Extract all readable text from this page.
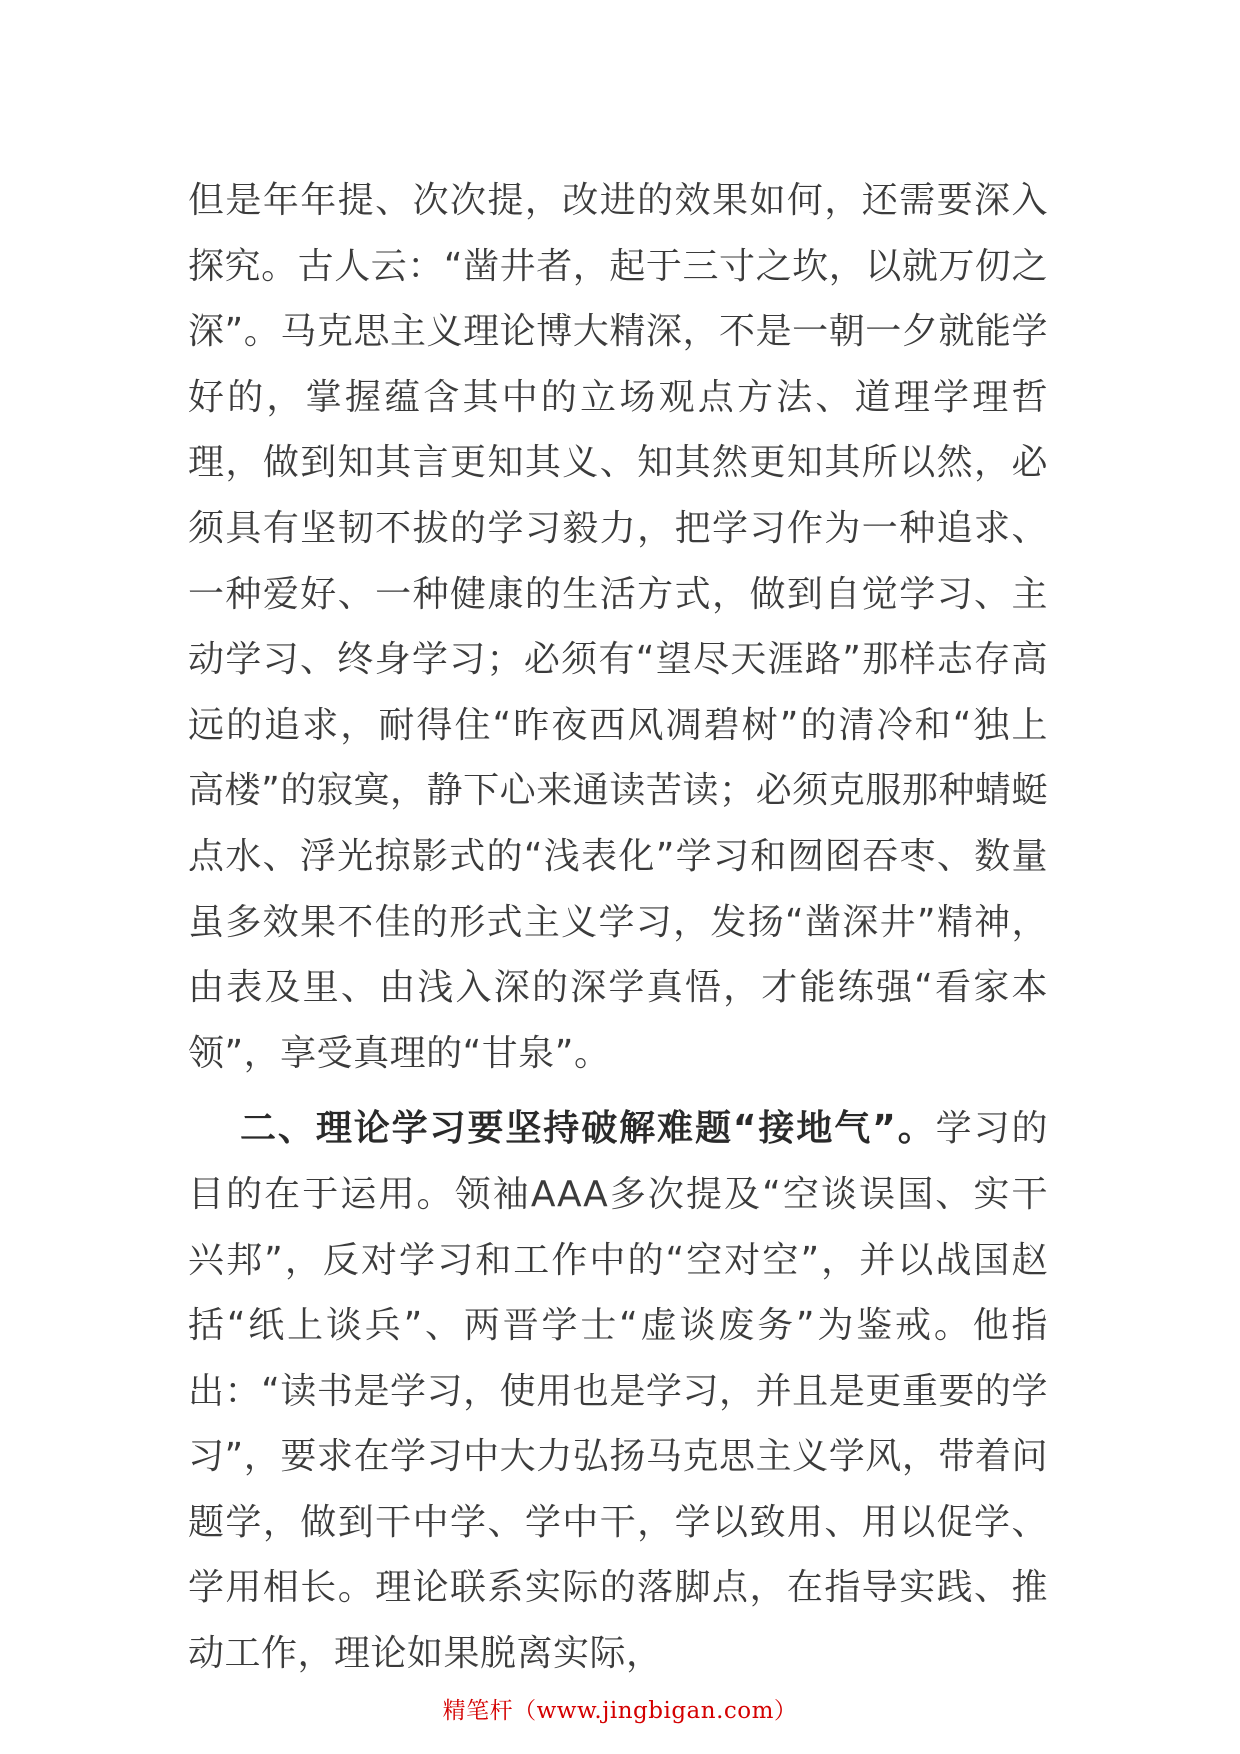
但是年年提、次次提，改进的效果如何，还需要深入探究。古人云：“凿井者，起于三寸之坎，以就万仞之深”。马克思主义理论博大精深，不是一朝一夕就能学好的，掌握蕴含其中的立场观点方法、道理学理哲理，做到知其言更知其义、知其然更知其所以然，必须具有坚韧不拔的学习毅力，把学习作为一种追求、一种爱好、一种健康的生活方式，做到自觉学习、主动学习、终身学习；必须有“望尽天涯路”那样志存高远的追求，耐得住“昨夜西风凋碧树”的清冷和“独上高楼”的寂寞，静下心来通读苦读；必须克服那种蜻蜓点水、浮光掠影式的“浅表化”学习和囫囵吞枣、数量虽多效果不佳的形式主义学习，发扬“凿深井”精神，由表及里、由浅入深的深学真悟，才能练强“看家本领”，享受真理的“甘泉”。

二、理论学习要坚持破解难题“接地气”。学习的目的在于运用。领袖AAA多次提及“空谈误国、实干兴邦”，反对学习和工作中的“空对空”，并以战国赵括“纸上谈兵”、两晋学士“虚谈废务”为鉴戒。他指出：“读书是学习，使用也是学习，并且是更重要的学习”，要求在学习中大力弘扬马克思主义学风，带着问题学，做到干中学、学中干，学以致用、用以促学、学用相长。理论联系实际的落脚点，在指导实践、推动工作，理论如果脱离实际，

精笔杆（www.jingbigan.com）
